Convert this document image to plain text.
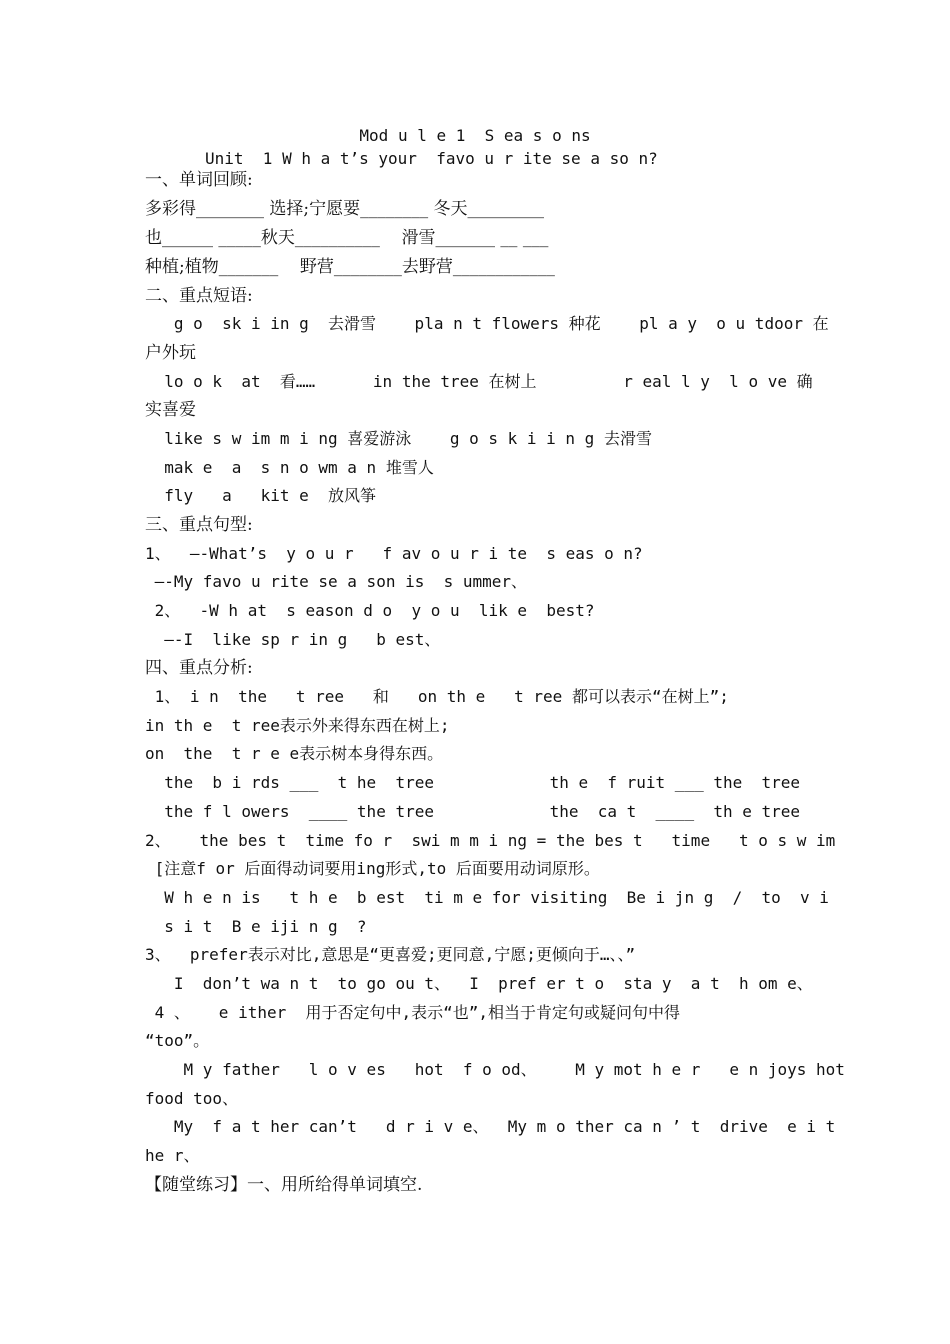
Mod u l e 1  S ea s o ns

Unit  1 W h a t’s your  favo u r ite se a so n?

一、单词回顾:

多彩得________ 选择;宁愿要________ 冬天_________

也______ _____秋天__________    滑雪_______ __ ___

种植;植物_______    野营________去野营____________

二、重点短语:

g o  sk i in g  去滑雪    pla n t flowers 种花    pl a y  o u tdoor 在

户外玩

lo o k  at  看……      in the tree 在树上         r eal l y  l o ve 确

实喜爱

like s w im m i ng 喜爱游泳    g o s k i i n g 去滑雪

mak e  a  s n o wm a n 堆雪人

fly   a   kit e  放风筝

三、重点句型:

1、  —-What’s  y o u r   f av o u r i te  s eas o n?

—-My favo u rite se a son is  s ummer、

2、  -W h at  s eason d o  y o u  lik e  best?

—-I  like sp r in g   b est、

四、重点分析:

1、 i n  the   t ree   和   on th e   t ree 都可以表示“在树上”;

in th e  t ree表示外来得东西在树上;

on  the  t r e e表示树本身得东西。

the  b i rds ___  t he  tree            th e  f ruit ___ the  tree

the f l owers  ____ the tree            the  ca t  ____  th e tree

2、   the bes t  time fo r  swi m m i ng = the bes t   time   t o s w im

[注意f or 后面得动词要用ing形式,to 后面要用动词原形。

W h e n is   t h e  b est  ti m e for visiting  Be i jn g  /  to  v i

s i t  B e iji n g  ?

3、  prefer表示对比,意思是“更喜爱;更同意,宁愿;更倾向于…、、”

I  don’t wa n t  to go ou t、  I  pref er t o  sta y  a t  h om e、

4 、   e ither  用于否定句中,表示“也”,相当于肯定句或疑问句中得

“too”。

M y father   l o v es   hot  f o od、    M y mot h e r   e n joys hot

food too、

My  f a t her can’t   d r i v e、  My m o ther ca n ’ t  drive  e i t

he r、

【随堂练习】一、用所给得单词填空.
